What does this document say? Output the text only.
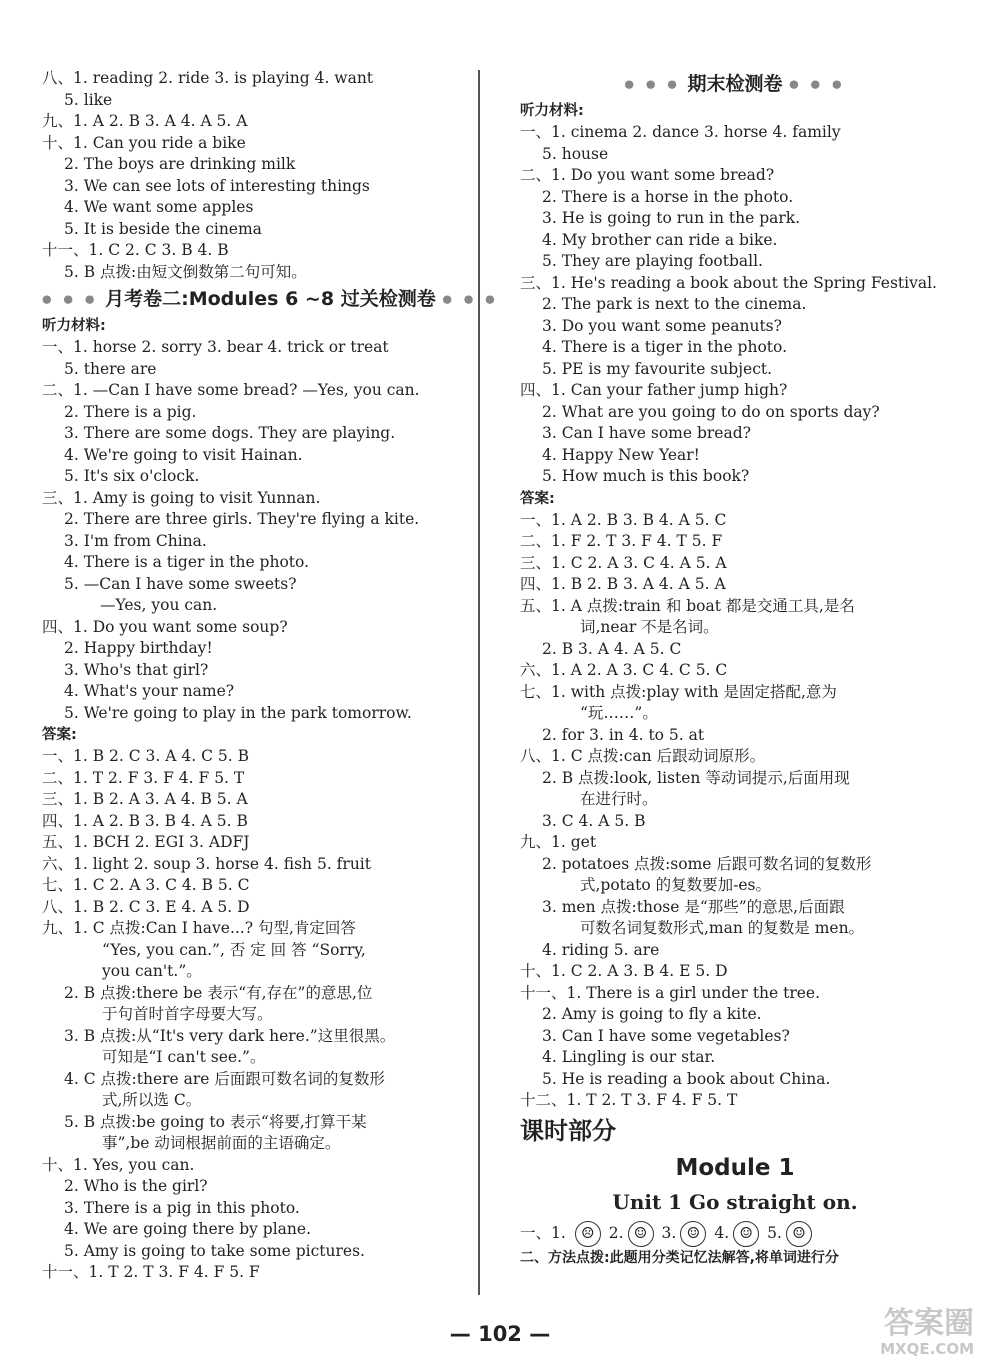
八、1. reading 2. ride 3. is playing 4. want
5. like
九、1. A 2. B 3. A 4. A 5. A
十、1. Can you ride a bike
2. The boys are drinking milk
3. We can see lots of interesting things
4. We want some apples
5. It is beside the cinema
十一、1. C 2. C 3. B 4. B
5. B 点拨:由短文倒数第二句可知。
● ● ● 月考卷二:Modules 6 ~8 过关检测卷 ● ● ●
听力材料:
一、1. horse 2. sorry 3. bear 4. trick or treat
5. there are
二、1. —Can I have some bread? —Yes, you can.
2. There is a pig.
3. There are some dogs. They are playing.
4. We're going to visit Hainan.
5. It's six o'clock.
三、1. Amy is going to visit Yunnan.
2. There are three girls. They're flying a kite.
3. I'm from China.
4. There is a tiger in the photo.
5. —Can I have some sweets?
—Yes, you can.
四、1. Do you want some soup?
2. Happy birthday!
3. Who's that girl?
4. What's your name?
5. We're going to play in the park tomorrow.
答案:
一、1. B 2. C 3. A 4. C 5. B
二、1. T 2. F 3. F 4. F 5. T
三、1. B 2. A 3. A 4. B 5. A
四、1. A 2. B 3. B 4. A 5. B
五、1. BCH 2. EGI 3. ADFJ
六、1. light 2. soup 3. horse 4. fish 5. fruit
七、1. C 2. A 3. C 4. B 5. C
八、1. B 2. C 3. E 4. A 5. D
九、1. C 点拨:Can I have...? 句型,肯定回答
“Yes, you can.”, 否 定 回 答 “Sorry,
you can't.”。
2. B 点拨:there be 表示“有,存在”的意思,位
于句首时首字母要大写。
3. B 点拨:从“It's very dark here.”这里很黑。
可知是“I can't see.”。
4. C 点拨:there are 后面跟可数名词的复数形
式,所以选 C。
5. B 点拨:be going to 表示“将要,打算干某
事”,be 动词根据前面的主语确定。
十、1. Yes, you can.
2. Who is the girl?
3. There is a pig in this photo.
4. We are going there by plane.
5. Amy is going to take some pictures.
十一、1. T 2. T 3. F 4. F 5. F
● ● ● 期末检测卷 ● ● ●
听力材料:
一、1. cinema 2. dance 3. horse 4. family
5. house
二、1. Do you want some bread?
2. There is a horse in the photo.
3. He is going to run in the park.
4. My brother can ride a bike.
5. They are playing football.
三、1. He's reading a book about the Spring Festival.
2. The park is next to the cinema.
3. Do you want some peanuts?
4. There is a tiger in the photo.
5. PE is my favourite subject.
四、1. Can your father jump high?
2. What are you going to do on sports day?
3. Can I have some bread?
4. Happy New Year!
5. How much is this book?
答案:
一、1. A 2. B 3. B 4. A 5. C
二、1. F 2. T 3. F 4. T 5. F
三、1. C 2. A 3. C 4. A 5. A
四、1. B 2. B 3. A 4. A 5. A
五、1. A 点拨:train 和 boat 都是交通工具,是名
词,near 不是名词。
2. B 3. A 4. A 5. C
六、1. A 2. A 3. C 4. C 5. C
七、1. with 点拨:play with 是固定搭配,意为
“玩……”。
2. for 3. in 4. to 5. at
八、1. C 点拨:can 后跟动词原形。
2. B 点拨:look, listen 等动词提示,后面用现
在进行时。
3. C 4. A 5. B
九、1. get
2. potatoes 点拨:some 后跟可数名词的复数形
式,potato 的复数要加-es。
3. men 点拨:those 是“那些”的意思,后面跟
可数名词复数形式,man 的复数是 men。
4. riding 5. are
十、1. C 2. A 3. B 4. E 5. D
十一、1. There is a girl under the tree.
2. Amy is going to fly a kite.
3. Can I have some vegetables?
4. Lingling is our star.
5. He is reading a book about China.
十二、1. T 2. T 3. F 4. F 5. T
课时部分
Module 1
Unit 1 Go straight on.
一、1. ☹ 2. ☺ 3. ☺ 4. ☺ 5. ☺
二、方法点拨:此题用分类记忆法解答,将单词进行分
— 102 —	答案圈
MXQE.COM
